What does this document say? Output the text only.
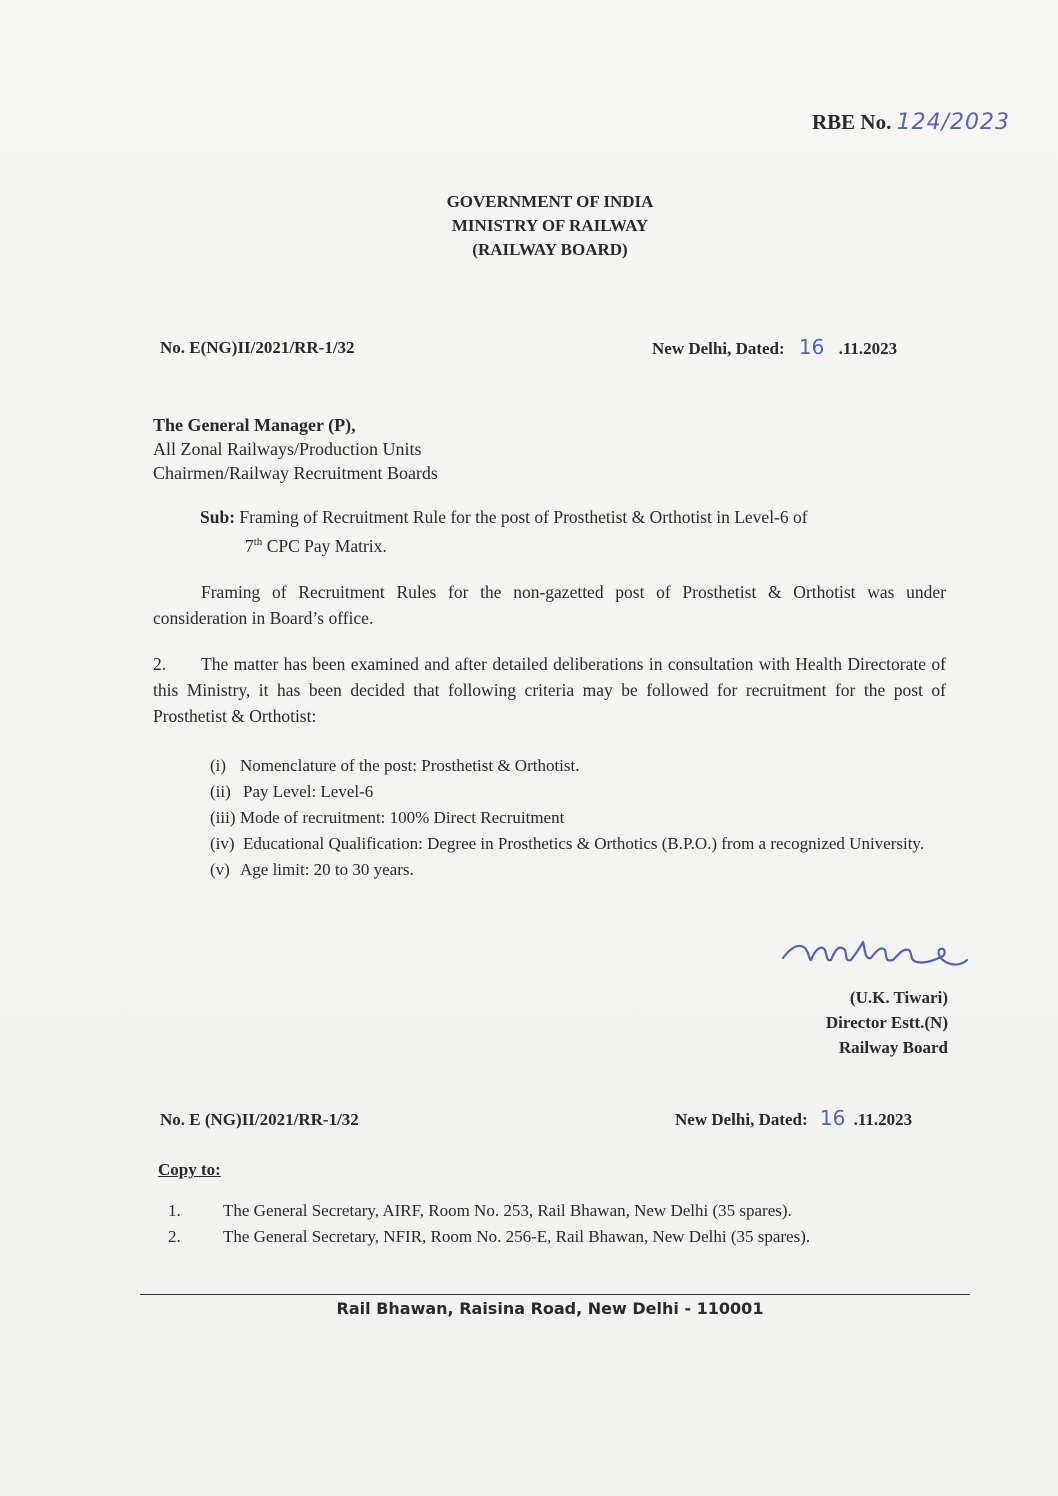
RBE No. 124/2023
GOVERNMENT OF INDIA
MINISTRY OF RAILWAY
(RAILWAY BOARD)
No. E(NG)II/2021/RR-1/32	New Delhi, Dated: 16 .11.2023
The General Manager (P),
All Zonal Railways/Production Units
Chairmen/Railway Recruitment Boards
Sub: Framing of Recruitment Rule for the post of Prosthetist & Orthotist in Level-6 of
7th CPC Pay Matrix.
Framing of Recruitment Rules for the non-gazetted post of Prosthetist & Orthotist was under consideration in Board’s office.
2. The matter has been examined and after detailed deliberations in consultation with Health Directorate of this Ministry, it has been decided that following criteria may be followed for recruitment for the post of Prosthetist & Orthotist:
(i) Nomenclature of the post: Prosthetist & Orthotist.
(ii) Pay Level: Level-6
(iii) Mode of recruitment: 100% Direct Recruitment
(iv) Educational Qualification: Degree in Prosthetics & Orthotics (B.P.O.) from a recognized University.
(v) Age limit: 20 to 30 years.
(U.K. Tiwari)
Director Estt.(N)
Railway Board
No. E (NG)II/2021/RR-1/32	New Delhi, Dated: 16 .11.2023
Copy to:
1.	The General Secretary, AIRF, Room No. 253, Rail Bhawan, New Delhi (35 spares).
2.	The General Secretary, NFIR, Room No. 256-E, Rail Bhawan, New Delhi (35 spares).
Rail Bhawan, Raisina Road, New Delhi - 110001
